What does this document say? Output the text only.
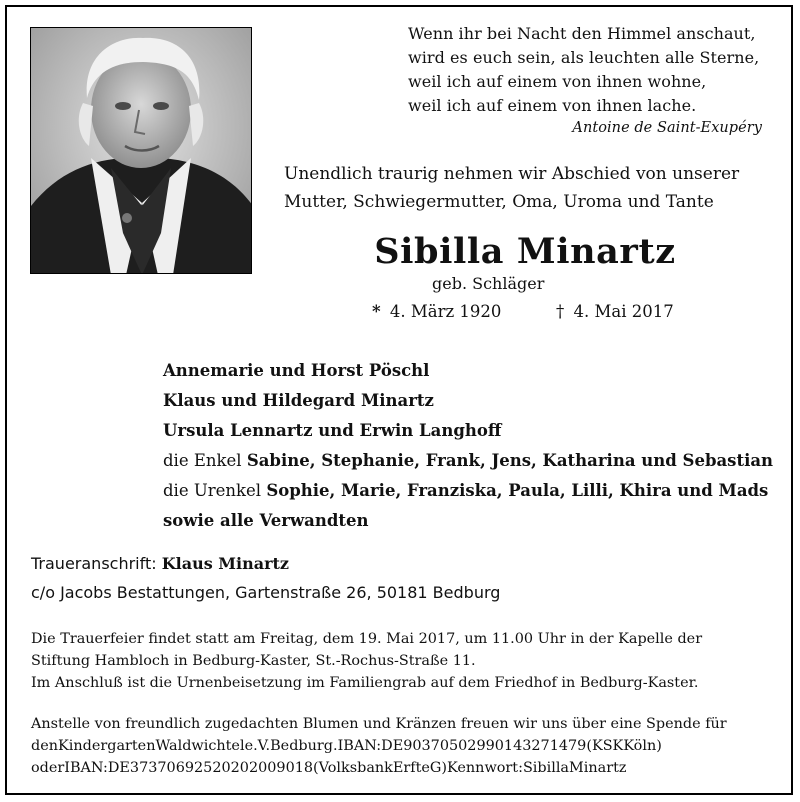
Wenn ihr bei Nacht den Himmel anschaut,
wird es euch sein, als leuchten alle Sterne,
weil ich auf einem von ihnen wohne,
weil ich auf einem von ihnen lache.
Antoine de Saint-Exupéry
Unendlich traurig nehmen wir Abschied von unserer
Mutter, Schwiegermutter, Oma, Uroma und Tante
Sibilla Minartz
geb. Schläger
* 4. März 1920	† 4. Mai 2017
Annemarie und Horst Pöschl
Klaus und Hildegard Minartz
Ursula Lennartz und Erwin Langhoff
die Enkel Sabine, Stephanie, Frank, Jens, Katharina und Sebastian
die Urenkel Sophie, Marie, Franziska, Paula, Lilli, Khira und Mads
sowie alle Verwandten
Traueranschrift: Klaus Minartz
c/o Jacobs Bestattungen, Gartenstraße 26, 50181 Bedburg
Die Trauerfeier findet statt am Freitag, dem 19. Mai 2017, um 11.00 Uhr in der Kapelle der
Stiftung Hambloch in Bedburg-Kaster, St.-Rochus-Straße 11.
Im Anschluß ist die Urnenbeisetzung im Familiengrab auf dem Friedhof in Bedburg-Kaster.
Anstelle von freundlich zugedachten Blumen und Kränzen freuen wir uns über eine Spende für
denKindergartenWaldwichtele.V.Bedburg.IBAN:DE90370502990143271479(KSKKöln)
oderIBAN:DE37370692520202009018(VolksbankErfteG)Kennwort:SibillaMinartz
